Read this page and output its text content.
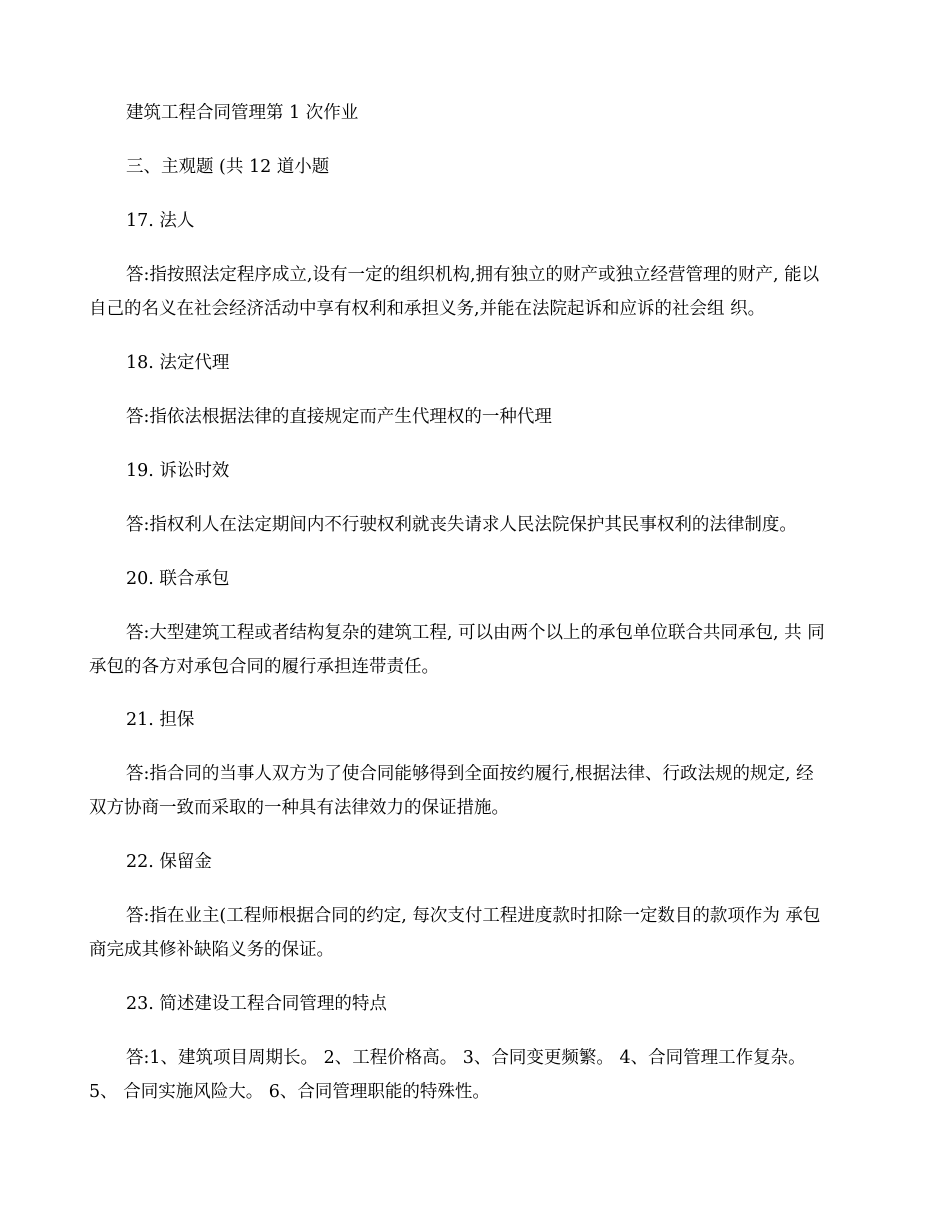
建筑工程合同管理第 1 次作业
三、主观题 (共 12 道小题
17. 法人
答:指按照法定程序成立,设有一定的组织机构,拥有独立的财产或独立经营管理的财产, 能以
自己的名义在社会经济活动中享有权利和承担义务,并能在法院起诉和应诉的社会组 织。
18. 法定代理
答:指依法根据法律的直接规定而产生代理权的一种代理
19. 诉讼时效
答:指权利人在法定期间内不行驶权利就丧失请求人民法院保护其民事权利的法律制度。
20. 联合承包
答:大型建筑工程或者结构复杂的建筑工程, 可以由两个以上的承包单位联合共同承包, 共 同
承包的各方对承包合同的履行承担连带责任。
21. 担保
答:指合同的当事人双方为了使合同能够得到全面按约履行,根据法律、行政法规的规定, 经
双方协商一致而采取的一种具有法律效力的保证措施。
22. 保留金
答:指在业主(工程师根据合同的约定, 每次支付工程进度款时扣除一定数目的款项作为 承包
商完成其修补缺陷义务的保证。
23. 简述建设工程合同管理的特点
答:1、建筑项目周期长。 2、工程价格高。 3、合同变更频繁。 4、合同管理工作复杂。
5、 合同实施风险大。 6、合同管理职能的特殊性。
